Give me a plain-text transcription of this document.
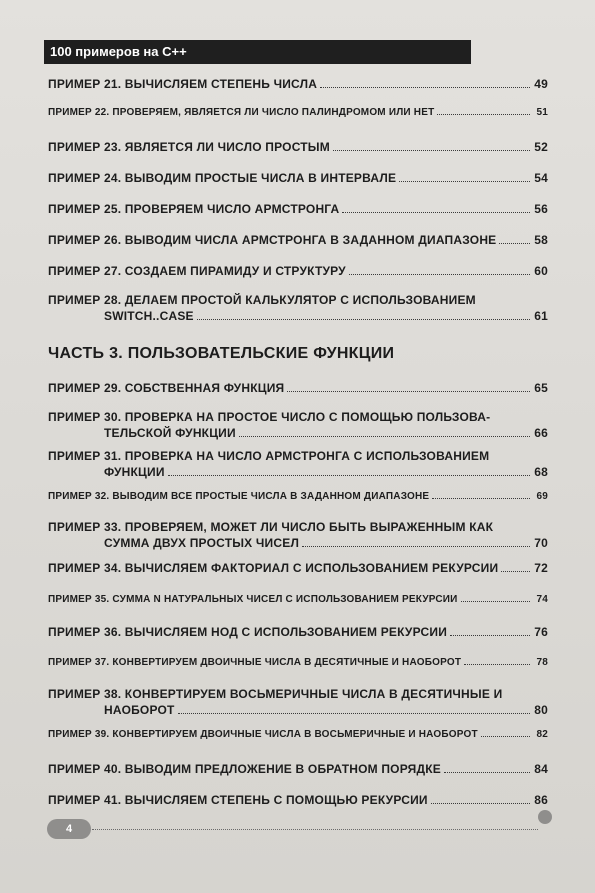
100 примеров на C++
ПРИМЕР 21. ВЫЧИСЛЯЕМ СТЕПЕНЬ ЧИСЛА	49
ПРИМЕР 22. ПРОВЕРЯЕМ, ЯВЛЯЕТСЯ ЛИ ЧИСЛО ПАЛИНДРОМОМ ИЛИ НЕТ	51
ПРИМЕР 23. ЯВЛЯЕТСЯ ЛИ ЧИСЛО ПРОСТЫМ	52
ПРИМЕР 24. ВЫВОДИМ ПРОСТЫЕ ЧИСЛА В ИНТЕРВАЛЕ	54
ПРИМЕР 25. ПРОВЕРЯЕМ ЧИСЛО АРМСТРОНГА	56
ПРИМЕР 26. ВЫВОДИМ ЧИСЛА АРМСТРОНГА В ЗАДАННОМ ДИАПАЗОНЕ	58
ПРИМЕР 27. СОЗДАЕМ ПИРАМИДУ И СТРУКТУРУ	60
ПРИМЕР 28. ДЕЛАЕМ ПРОСТОЙ КАЛЬКУЛЯТОР С ИСПОЛЬЗОВАНИЕМ
SWITCH..CASE	61
ПРИМЕР 29. СОБСТВЕННАЯ ФУНКЦИЯ	65
ПРИМЕР 30. ПРОВЕРКА НА ПРОСТОЕ ЧИСЛО С ПОМОЩЬЮ ПОЛЬЗОВА-
ТЕЛЬСКОЙ ФУНКЦИИ	66
ПРИМЕР 31. ПРОВЕРКА НА ЧИСЛО АРМСТРОНГА С ИСПОЛЬЗОВАНИЕМ
ФУНКЦИИ	68
ПРИМЕР 32. ВЫВОДИМ ВСЕ ПРОСТЫЕ ЧИСЛА В ЗАДАННОМ ДИАПАЗОНЕ	69
ПРИМЕР 33. ПРОВЕРЯЕМ, МОЖЕТ ЛИ ЧИСЛО БЫТЬ ВЫРАЖЕННЫМ КАК
СУММА ДВУХ ПРОСТЫХ ЧИСЕЛ	70
ПРИМЕР 34. ВЫЧИСЛЯЕМ ФАКТОРИАЛ С ИСПОЛЬЗОВАНИЕМ РЕКУРСИИ	72
ПРИМЕР 35. СУММА N НАТУРАЛЬНЫХ ЧИСЕЛ С ИСПОЛЬЗОВАНИЕМ РЕКУРСИИ	74
ПРИМЕР 36. ВЫЧИСЛЯЕМ НОД С ИСПОЛЬЗОВАНИЕМ РЕКУРСИИ	76
ПРИМЕР 37. КОНВЕРТИРУЕМ ДВОИЧНЫЕ ЧИСЛА В ДЕСЯТИЧНЫЕ И НАОБОРОТ	78
ПРИМЕР 38. КОНВЕРТИРУЕМ ВОСЬМЕРИЧНЫЕ ЧИСЛА В ДЕСЯТИЧНЫЕ И
НАОБОРОТ	80
ПРИМЕР 39. КОНВЕРТИРУЕМ ДВОИЧНЫЕ ЧИСЛА В ВОСЬМЕРИЧНЫЕ И НАОБОРОТ	82
ПРИМЕР 40. ВЫВОДИМ ПРЕДЛОЖЕНИЕ В ОБРАТНОМ ПОРЯДКЕ	84
ПРИМЕР 41. ВЫЧИСЛЯЕМ СТЕПЕНЬ С ПОМОЩЬЮ РЕКУРСИИ	86
ЧАСТЬ 3. ПОЛЬЗОВАТЕЛЬСКИЕ ФУНКЦИИ
4
